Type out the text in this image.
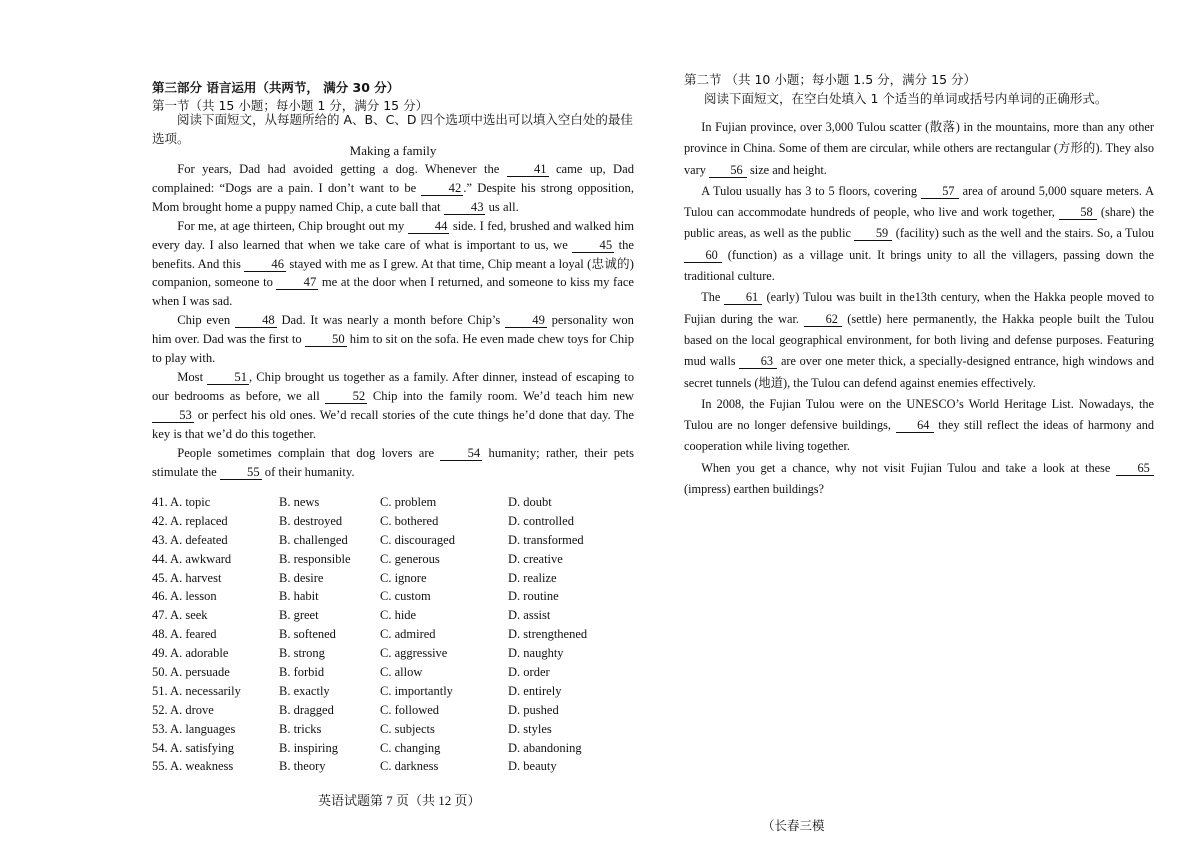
第三部分 语言运用（共两节， 满分 30 分）
第一节（共 15 小题；每小题 1 分，满分 15 分）
阅读下面短文，从每题所给的 A、B、C、D 四个选项中选出可以填入空白处的最佳选项。
Making a family

For years, Dad had avoided getting a dog. Whenever the 41 came up, Dad complained: “Dogs are a pain. I don’t want to be 42 .” Despite his strong opposition, Mom brought home a puppy named Chip, a cute ball that 43 us all.

For me, at age thirteen, Chip brought out my 44 side. I fed, brushed and walked him every day. I also learned that when we take care of what is important to us, we 45 the benefits. And this 46 stayed with me as I grew. At that time, Chip meant a loyal (忠诚的) companion, someone to 47 me at the door when I returned, and someone to kiss my face when I was sad.

Chip even 48 Dad. It was nearly a month before Chip’s 49 personality won him over. Dad was the first to 50 him to sit on the sofa. He even made chew toys for Chip to play with.

Most 51 , Chip brought us together as a family. After dinner, instead of escaping to our bedrooms as before, we all 52 Chip into the family room. We’d teach him new 53 or perfect his old ones. We’d recall stories of the cute things he’d done that day. The key is that we’d do this together.

People sometimes complain that dog lovers are 54 humanity; rather, their pets stimulate the 55 of their humanity.

41. A. topic	B. news	C. problem	D. doubt
42. A. replaced	B. destroyed	C. bothered	D. controlled
43. A. defeated	B. challenged	C. discouraged	D. transformed
44. A. awkward	B. responsible C. generous	D. creative
45. A. harvest	B. desire	C. ignore	D. realize
46. A. lesson	B. habit	C. custom	D. routine
47. A. seek	B. greet	C. hide	D. assist
48. A. feared	B. softened	C. admired	D. strengthened
49. A. adorable	B. strong	C. aggressive	D. naughty
50. A. persuade	B. forbid	C. allow	D. order
51. A. necessarily	B. exactly	C. importantly	D. entirely
52. A. drove	B. dragged	C. followed	D. pushed
53. A. languages	B. tricks	C. subjects	D. styles
54. A. satisfying	B. inspiring	C. changing	D. abandoning
55. A. weakness	B. theory	C. darkness	D. beauty
英语试题第 7 页（共 12 页）
第二节 （共 10 小题；每小题 1.5 分，满分 15 分）
阅读下面短文，在空白处填入 1 个适当的单词或括号内单词的正确形式。

In Fujian province, over 3,000 Tulou scatter (散落) in the mountains, more than any other province in China. Some of them are circular, while others are rectangular (方形的). They also vary 56 size and height.

A Tulou usually has 3 to 5 floors, covering 57 area of around 5,000 square meters. A Tulou can accommodate hundreds of people, who live and work together, 58 (share) the public areas, as well as the public 59 (facility) such as the well and the stairs. So, a Tulou 60 (function) as a village unit. It brings unity to all the villagers, passing down the traditional culture.

The 61 (early) Tulou was built in the13th century, when the Hakka people moved to Fujian during the war. 62 (settle) here permanently, the Hakka people built the Tulou based on the local geographical environment, for both living and defense purposes. Featuring mud walls 63 are over one meter thick, a specially-designed entrance, high windows and secret tunnels (地道), the Tulou can defend against enemies effectively.

In 2008, the Fujian Tulou were on the UNESCO’s World Heritage List. Nowadays, the Tulou are no longer defensive buildings, 64 they still reflect the ideas of harmony and cooperation while living together.

When you get a chance, why not visit Fujian Tulou and take a look at these 65 (impress) earthen buildings?

（长春三模
